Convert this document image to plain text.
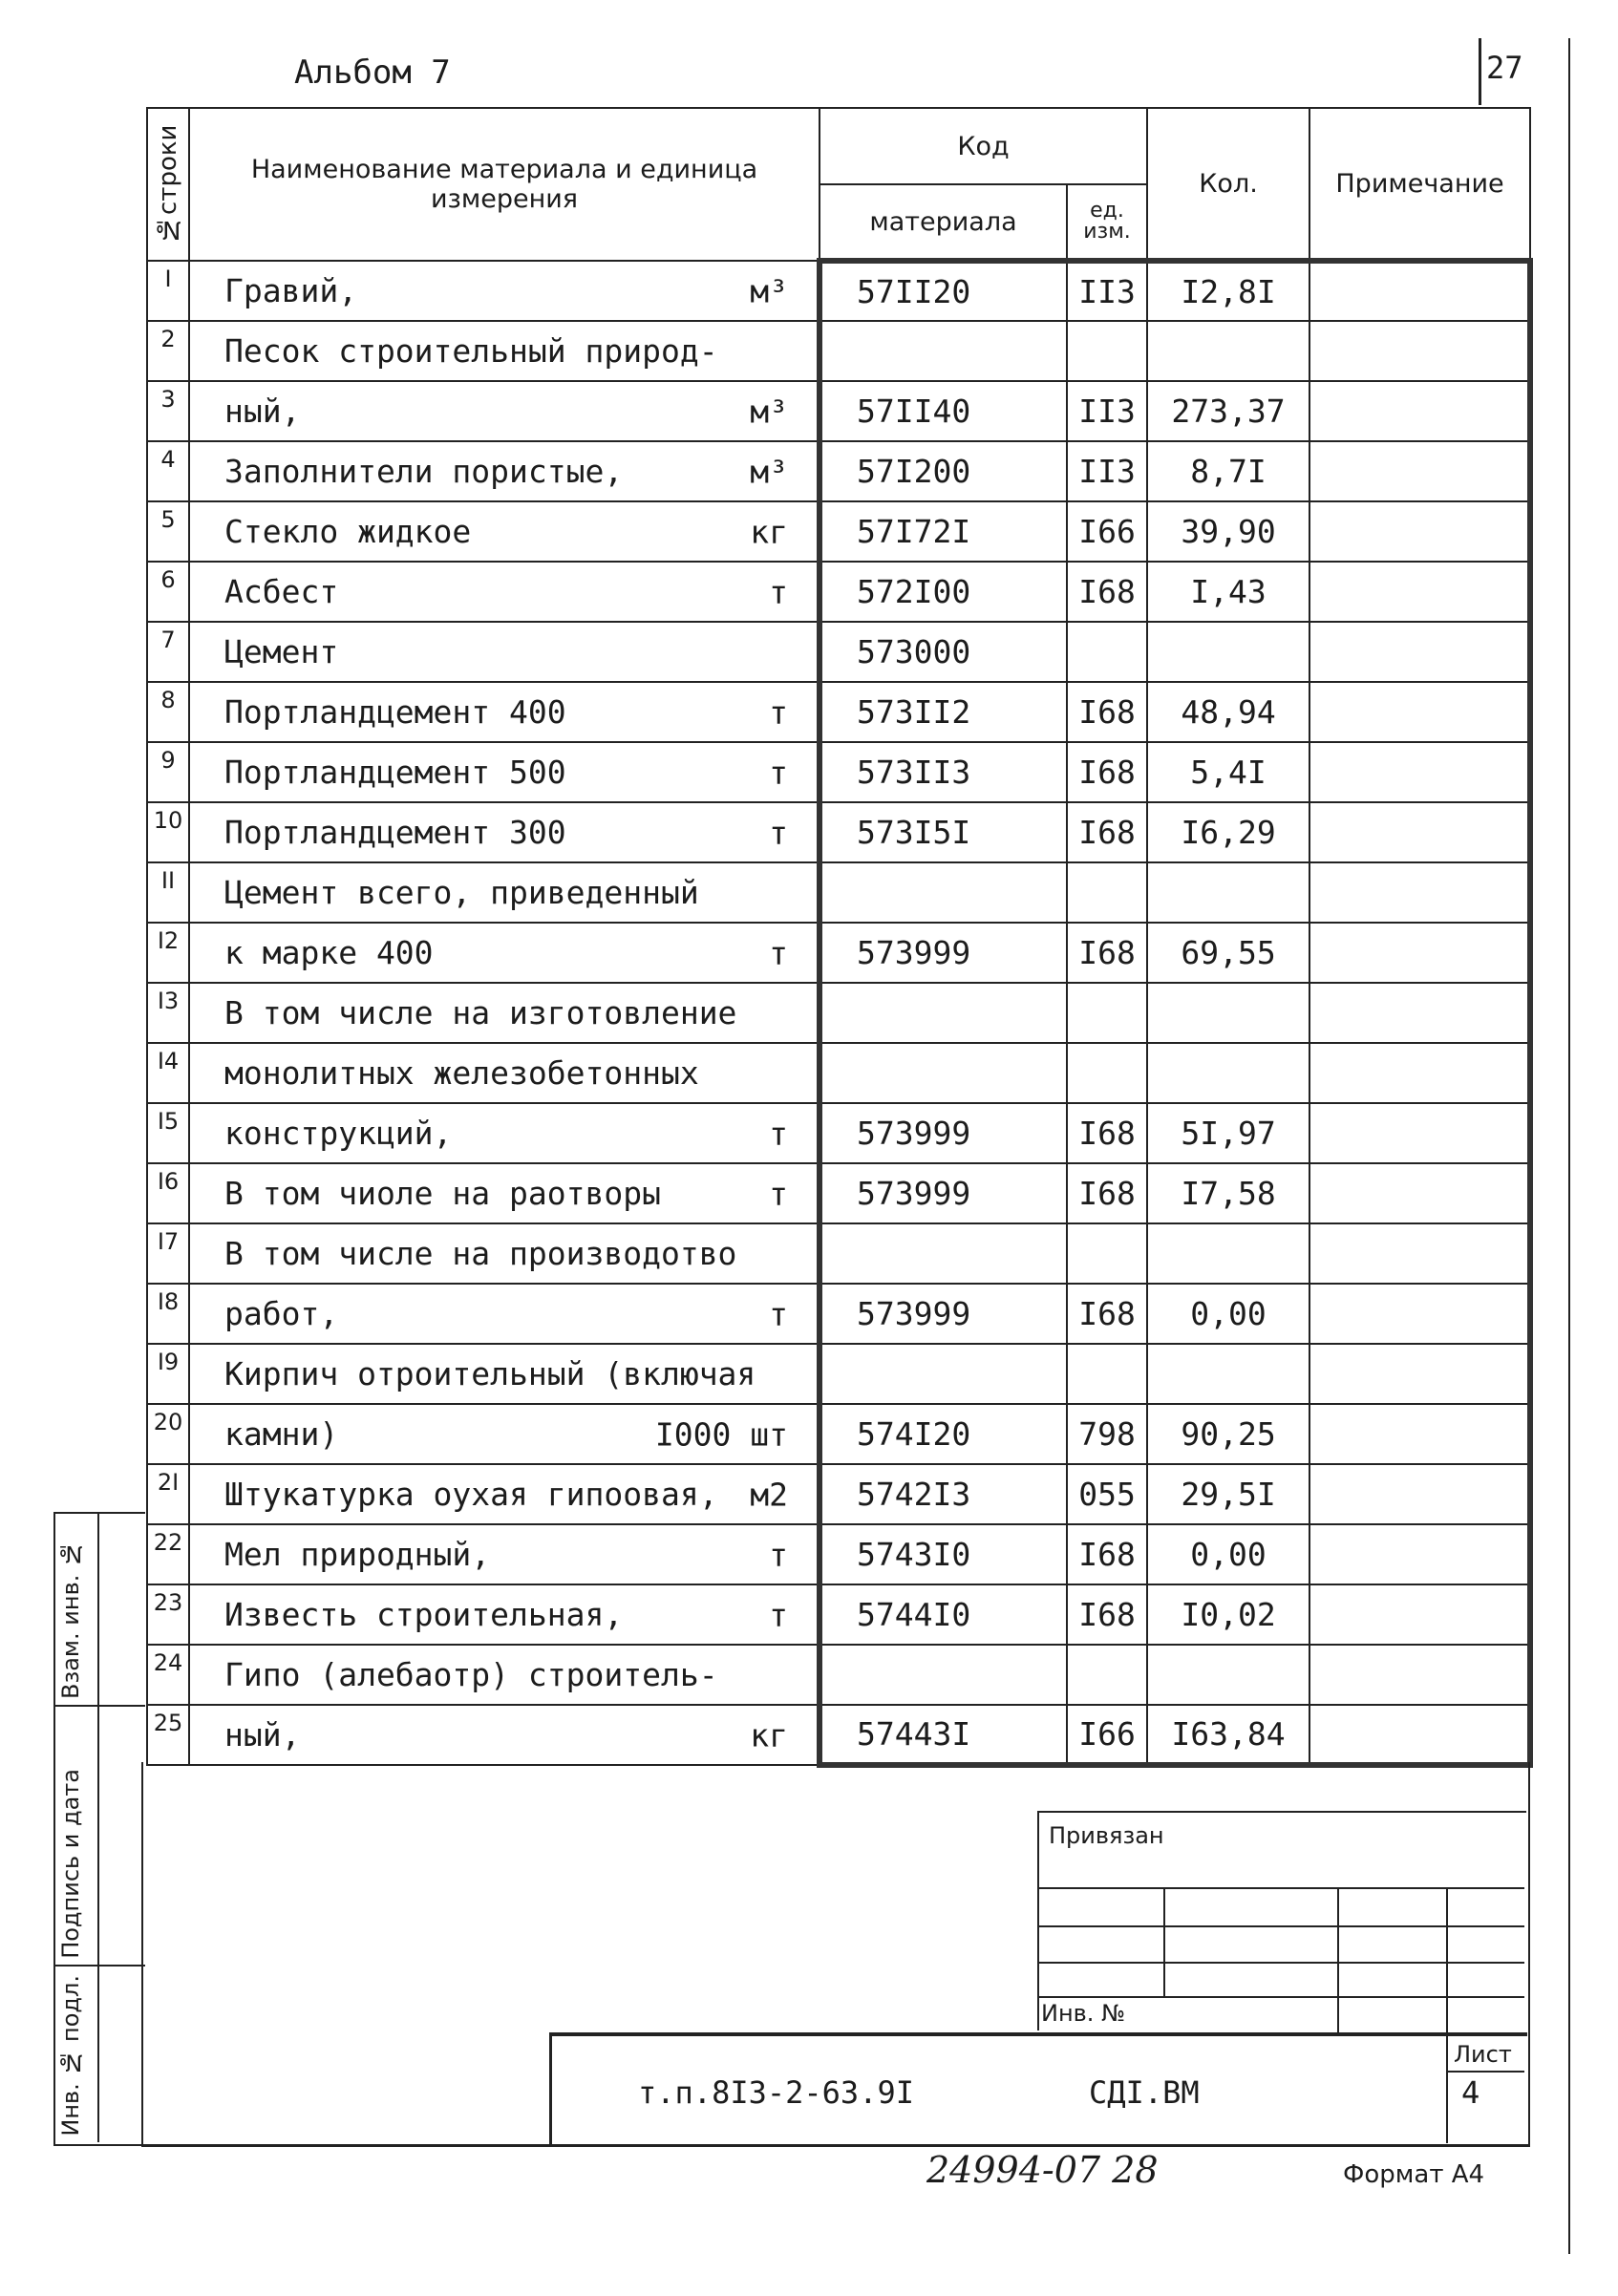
Альбом 7	27
№строки	Наименование материала и единица измерения	Код		Кол.	Примечание
		материала	ед. изм.		
I	Гравий, м³	57II20	II3	I2,8I	
2	Песок строительный природ-

3	ный, м³	57II40	II3	273,37	
4	Заполнители пористые, м³	57I200	II3	8,7I	
5	Стекло жидкое кг	57I72I	I66	39,90	
6	Асбест т	572I00	I68	I,43	
7	Цемент	573000			
8	Портландцемент 400 т	573II2	I68	48,94	
9	Портландцемент 500 т	573II3	I68	5,4I	
10	Портландцемент 300 т	573I5I	I68	I6,29	
II	Цемент всего, приведенный

I2	к марке 400 т	573999	I68	69,55	
I3	В том числе на изготовление

I4	монолитных железобетонных

I5	конструкций, т	573999	I68	5I,97	
I6	В том чиоле на раотворы т	573999	I68	I7,58	
I7	В том числе на производотво

I8	работ, т	573999	I68	0,00	
I9	Кирпич отроительный (включая

20	камни) I000 шт	574I20	798	90,25	
2I	Штукатурка оухая гипоовая, м2	5742I3	055	29,5I	
22	Мел природный, т	5743I0	I68	0,00	
23	Известь строительная, т	5744I0	I68	I0,02	
24	Гипо (алебаотр) строитель-

25	ный, кг	57443I	I66	I63,84	
Взам. инв. №
Подпись и дата
Инв. № подл.
Привязан
Инв. №
т.п.8I3-2-63.9I	СДI.ВМ
Лист
4
24994-07 28	Формат А4
